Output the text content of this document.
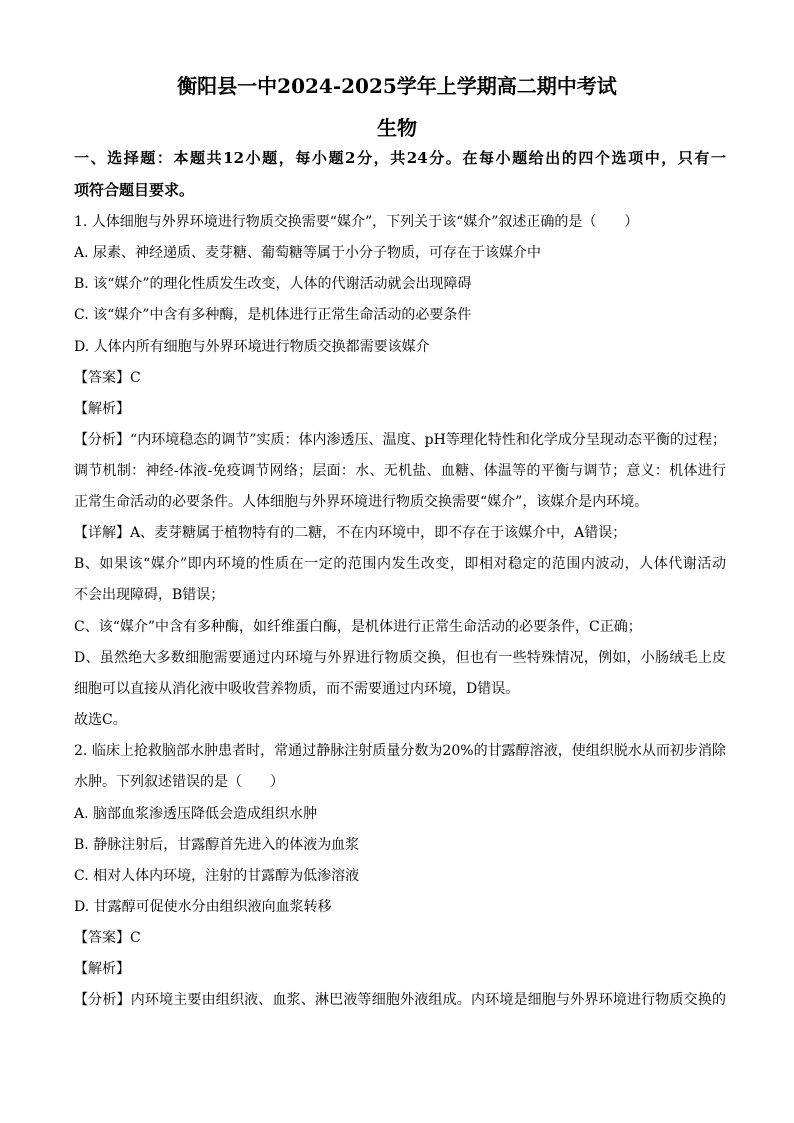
衡阳县一中2024-2025学年上学期高二期中考试
生物
一、选择题：本题共12小题，每小题2分，共24分。在每小题给出的四个选项中，只有一
项符合题目要求。
1. 人体细胞与外界环境进行物质交换需要“媒介”，下列关于该“媒介”叙述正确的是（　　）
A. 尿素、神经递质、麦芽糖、葡萄糖等属于小分子物质，可存在于该媒介中
B. 该“媒介”的理化性质发生改变，人体的代谢活动就会出现障碍
C. 该“媒介”中含有多种酶，是机体进行正常生命活动的必要条件
D. 人体内所有细胞与外界环境进行物质交换都需要该媒介
【答案】C
【解析】
【分析】“内环境稳态的调节”实质：体内渗透压、温度、pH等理化特性和化学成分呈现动态平衡的过程；
调节机制：神经-体液-免疫调节网络；层面：水、无机盐、血糖、体温等的平衡与调节；意义：机体进行
正常生命活动的必要条件。人体细胞与外界环境进行物质交换需要“媒介”，该媒介是内环境。
【详解】A、麦芽糖属于植物特有的二糖，不在内环境中，即不存在于该媒介中，A错误；
B、如果该“媒介”即内环境的性质在一定的范围内发生改变，即相对稳定的范围内波动，人体代谢活动
不会出现障碍，B错误；
C、该“媒介”中含有多种酶，如纤维蛋白酶，是机体进行正常生命活动的必要条件，C正确；
D、虽然绝大多数细胞需要通过内环境与外界进行物质交换，但也有一些特殊情况，例如，小肠绒毛上皮
细胞可以直接从消化液中吸收营养物质，而不需要通过内环境，D错误。
故选C。
2. 临床上抢救脑部水肿患者时，常通过静脉注射质量分数为20%的甘露醇溶液，使组织脱水从而初步消除
水肿。下列叙述错误的是（　　）
A. 脑部血浆渗透压降低会造成组织水肿
B. 静脉注射后，甘露醇首先进入的体液为血浆
C. 相对人体内环境，注射的甘露醇为低渗溶液
D. 甘露醇可促使水分由组织液向血浆转移
【答案】C
【解析】
【分析】内环境主要由组织液、血浆、淋巴液等细胞外液组成。内环境是细胞与外界环境进行物质交换的
